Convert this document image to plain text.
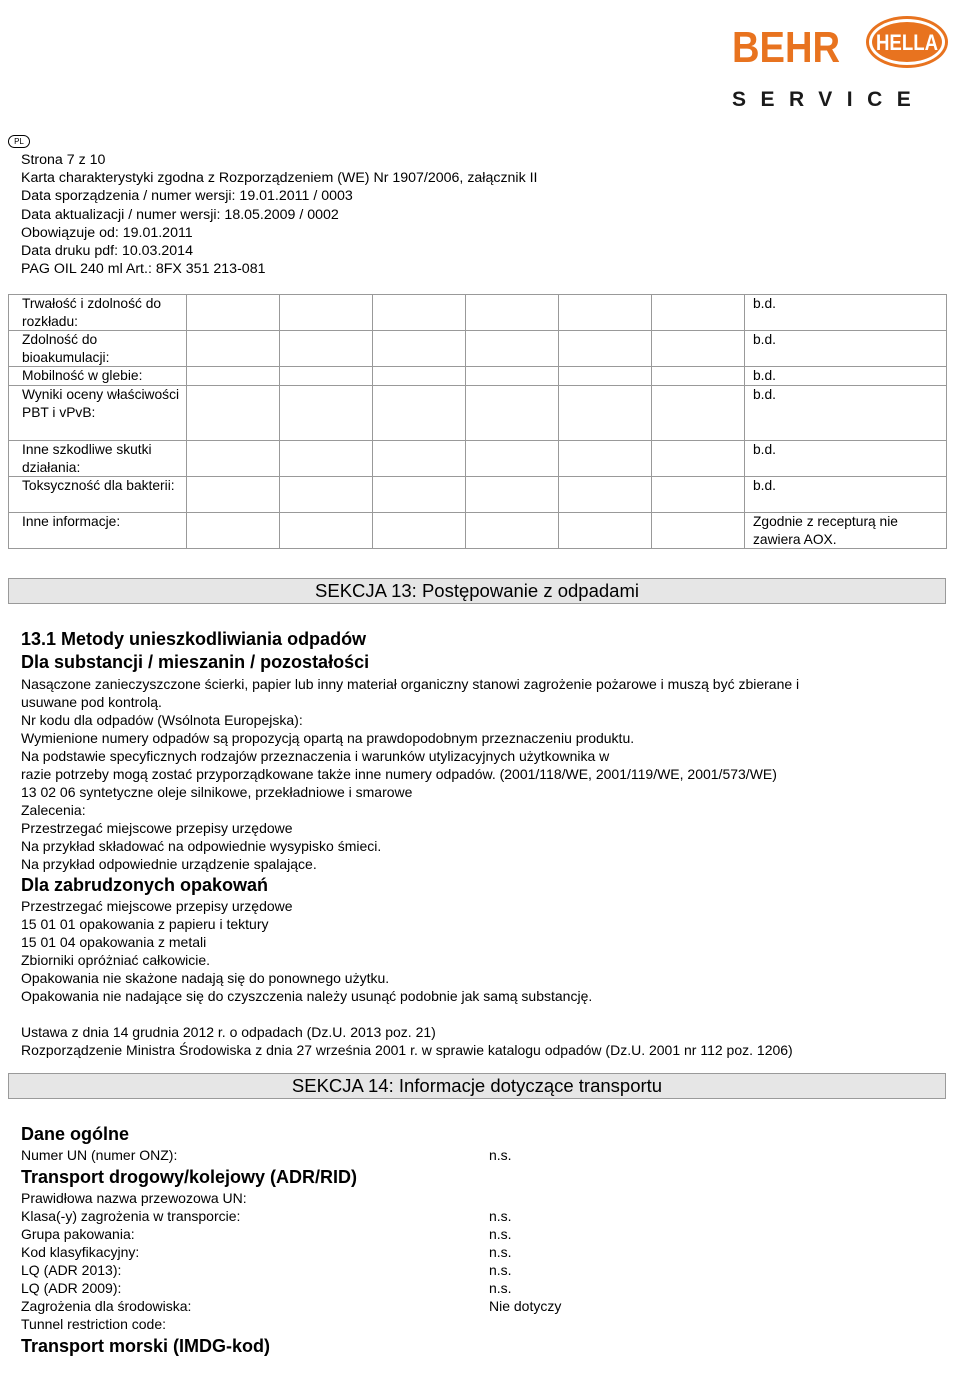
BEHR HELLA
SERVICE
PL
Strona 7 z 10
Karta charakterystyki zgodna z Rozporządzeniem (WE) Nr 1907/2006, załącznik II
Data sporządzenia / numer wersji: 19.01.2011 / 0003
Data aktualizacji / numer wersji: 18.05.2009 / 0002
Obowiązuje od: 19.01.2011
Data druku pdf: 10.03.2014
PAG OIL 240 ml Art.: 8FX 351 213-081
Trwałość i zdolność do rozkładu:							b.d.
Zdolność do bioakumulacji:							b.d.
Mobilność w glebie:							b.d.
Wyniki oceny właściwości PBT i vPvB:							b.d.
Inne szkodliwe skutki działania:							b.d.
Toksyczność dla bakterii:							b.d.
Inne informacje:							Zgodnie z recepturą nie zawiera AOX.
SEKCJA 13: Postępowanie z odpadami
13.1 Metody unieszkodliwiania odpadów
Dla substancji / mieszanin / pozostałości
Nasączone zanieczyszczone ścierki, papier lub inny materiał organiczny stanowi zagrożenie pożarowe i muszą być zbierane i
usuwane pod kontrolą.
Nr kodu dla odpadów (Wsólnota Europejska):
Wymienione numery odpadów są propozycją opartą na prawdopodobnym przeznaczeniu produktu.
Na podstawie specyficznych rodzajów przeznaczenia i warunków utylizacyjnych użytkownika w
razie potrzeby mogą zostać przyporządkowane także inne numery odpadów. (2001/118/WE, 2001/119/WE, 2001/573/WE)
13 02 06 syntetyczne oleje silnikowe, przekładniowe i smarowe
Zalecenia:
Przestrzegać miejscowe przepisy urzędowe
Na przykład składować na odpowiednie wysypisko śmieci.
Na przykład odpowiednie urządzenie spalające.
Dla zabrudzonych opakowań
Przestrzegać miejscowe przepisy urzędowe
15 01 01 opakowania z papieru i tektury
15 01 04 opakowania z metali
Zbiorniki opróżniać całkowicie.
Opakowania nie skażone nadają się do ponownego użytku.
Opakowania nie nadające się do czyszczenia należy usunąć podobnie jak samą substancję.
Ustawa z dnia 14 grudnia 2012 r. o odpadach (Dz.U. 2013 poz. 21)
Rozporządzenie Ministra Środowiska z dnia 27 września 2001 r. w sprawie katalogu odpadów (Dz.U. 2001 nr 112 poz. 1206)
SEKCJA 14: Informacje dotyczące transportu
Dane ogólne
Numer UN (numer ONZ):	n.s.
Transport drogowy/kolejowy (ADR/RID)
Prawidłowa nazwa przewozowa UN:
Klasa(-y) zagrożenia w transporcie:	n.s.
Grupa pakowania:	n.s.
Kod klasyfikacyjny:	n.s.
LQ (ADR 2013):	n.s.
LQ (ADR 2009):	n.s.
Zagrożenia dla środowiska:	Nie dotyczy
Tunnel restriction code:
Transport morski (IMDG-kod)
